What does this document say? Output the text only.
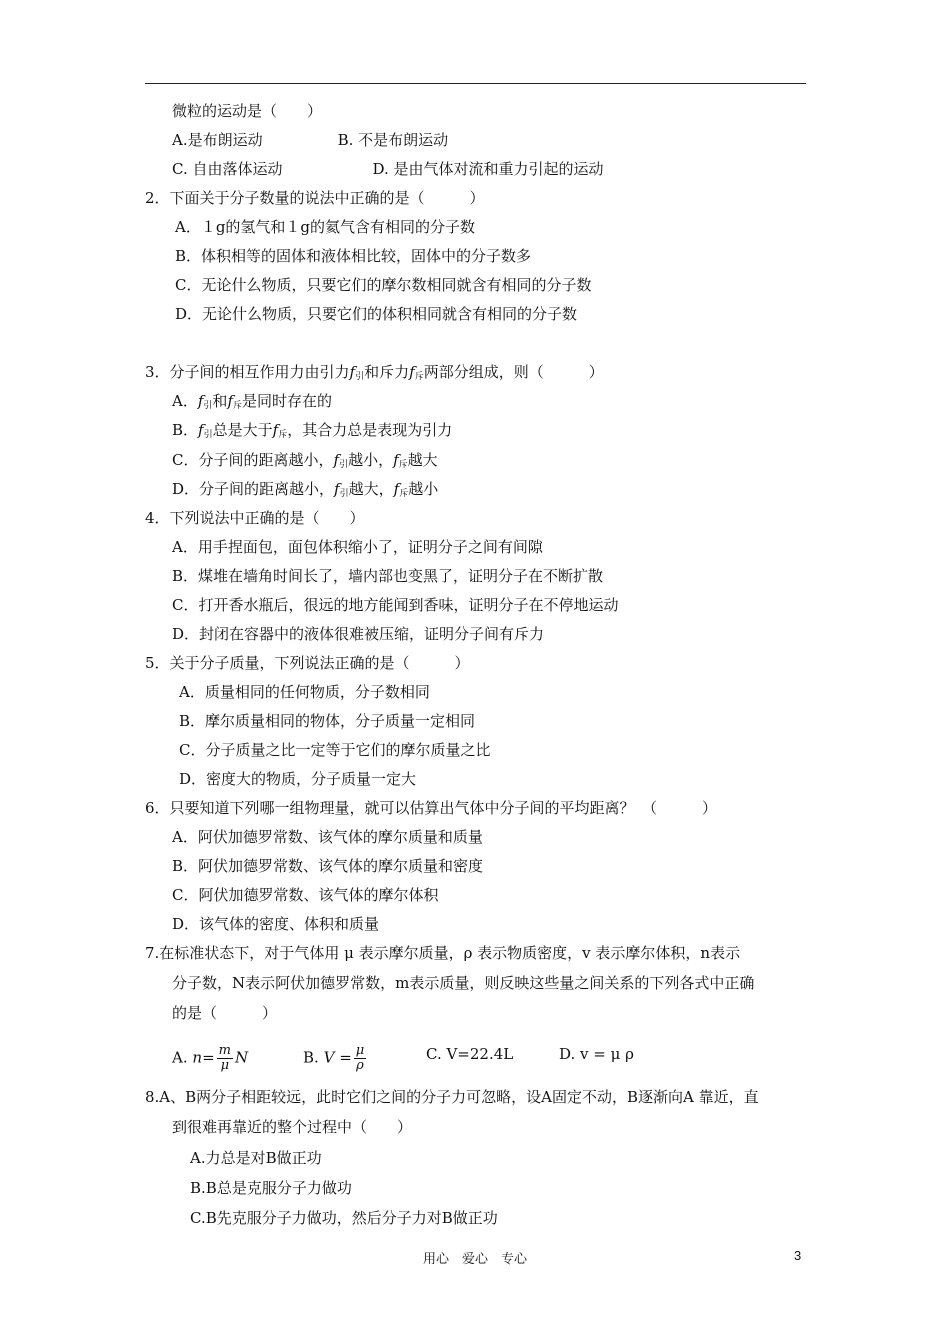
微粒的运动是（　　）
A.是布朗运动　　　　　B. 不是布朗运动
C. 自由落体运动　　　　　　D. 是由气体对流和重力引起的运动
2．下面关于分子数量的说法中正确的是（　　　）
A．１g的氢气和１g的氦气含有相同的分子数
B．体积相等的固体和液体相比较，固体中的分子数多
C．无论什么物质，只要它们的摩尔数相同就含有相同的分子数
D．无论什么物质，只要它们的体积相同就含有相同的分子数
3．分子间的相互作用力由引力$f_引$和斥力$f_斥$两部分组成，则（　　　）
A．$f_引$和$f_斥$是同时存在的
B．$f_引$总是大于$f_斥$，其合力总是表现为引力
C．分子间的距离越小，$f_引$越小，$f_斥$越大
D．分子间的距离越小，$f_引$越大，$f_斥$越小
4．下列说法中正确的是（　　）
A．用手捏面包，面包体积缩小了，证明分子之间有间隙
B．煤堆在墙角时间长了，墙内部也变黑了，证明分子在不断扩散
C．打开香水瓶后，很远的地方能闻到香味，证明分子在不停地运动
D．封闭在容器中的液体很难被压缩，证明分子间有斥力
5．关于分子质量，下列说法正确的是（　　　）
A．质量相同的任何物质，分子数相同
B．摩尔质量相同的物体，分子质量一定相同
C．分子质量之比一定等于它们的摩尔质量之比
D．密度大的物质，分子质量一定大
6．只要知道下列哪一组物理量，就可以估算出气体中分子间的平均距离？　（　　　）
A．阿伏加德罗常数、该气体的摩尔质量和质量
B．阿伏加德罗常数、该气体的摩尔质量和密度
C．阿伏加德罗常数、该气体的摩尔体积
D．该气体的密度、体积和质量
7.在标准状态下，对于气体用 μ 表示摩尔质量，ρ 表示物质密度，v 表示摩尔体积，n表示
分子数，N表示阿伏加德罗常数，m表示质量，则反映这些量之间关系的下列各式中正确
的是（　　　）
A. $n= \frac{m}{\mu}$ N	B. $V = \frac{\mu}{\rho}$	C. V=22.4L	D. v = μ ρ
8.A、B两分子相距较远，此时它们之间的分子力可忽略，设A固定不动，B逐渐向A 靠近，直
到很难再靠近的整个过程中（　　）
A.力总是对B做正功
B.B总是克服分子力做功
C.B先克服分子力做功，然后分子力对B做正功
用心　爱心　专心	3
